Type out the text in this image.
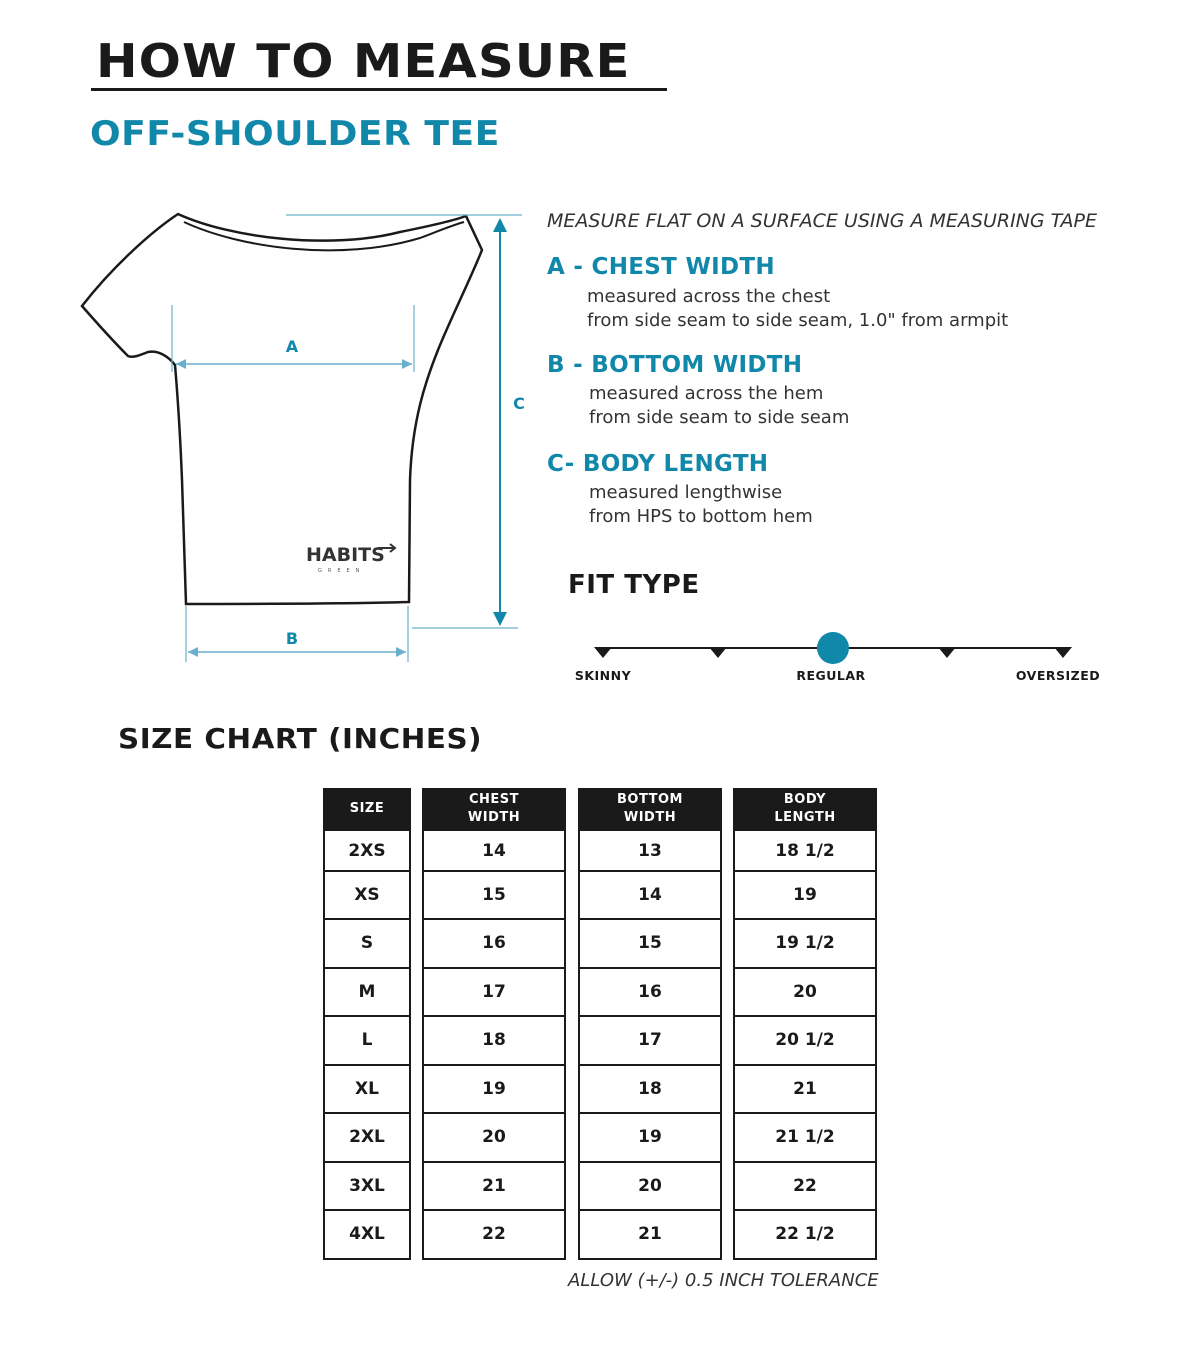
HOW TO MEASURE
OFF-SHOULDER TEE
A
B
C
HABITS
GREEN
MEASURE FLAT ON A SURFACE USING A MEASURING TAPE
A - CHEST WIDTH
measured across the chest
from side seam to side seam, 1.0" from armpit
B - BOTTOM WIDTH
measured across the hem
from side seam to side seam
C- BODY LENGTH
measured lengthwise
from HPS to bottom hem
FIT TYPE
SKINNY	REGULAR	OVERSIZED
SIZE CHART (INCHES)
SIZE
2XS
XS
S
M
L
XL
2XL
3XL
4XL
CHEST
WIDTH
14
15
16
17
18
19
20
21
22
BOTTOM
WIDTH
13
14
15
16
17
18
19
20
21
BODY
LENGTH
18 1/2
19
19 1/2
20
20 1/2
21
21 1/2
22
22 1/2
ALLOW (+/-) 0.5 INCH TOLERANCE
